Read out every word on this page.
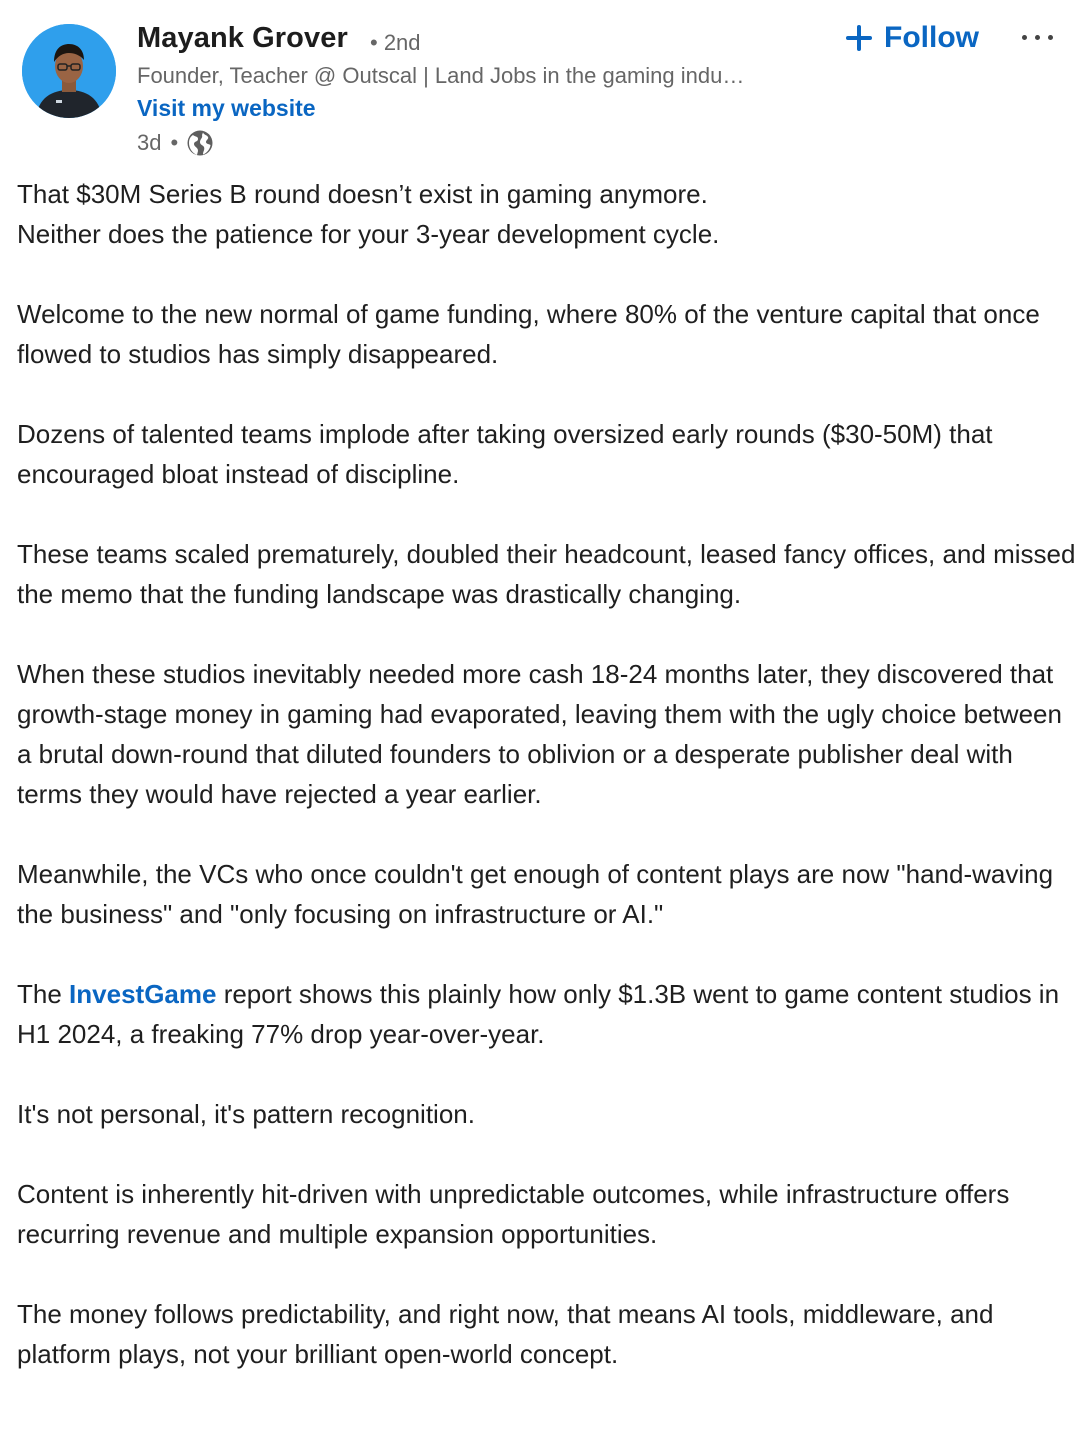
Mayank Grover • 2nd
Founder, Teacher @ Outscal | Land Jobs in the gaming indu…
Visit my website
3d •
Follow

That $30M Series B round doesn’t exist in gaming anymore.

Neither does the patience for your 3-year development cycle.

Welcome to the new normal of game funding, where 80% of the venture capital that once flowed to studios has simply disappeared.

Dozens of talented teams implode after taking oversized early rounds ($30-50M) that encouraged bloat instead of discipline.

These teams scaled prematurely, doubled their headcount, leased fancy offices, and missed the memo that the funding landscape was drastically changing.

When these studios inevitably needed more cash 18-24 months later, they discovered that growth-stage money in gaming had evaporated, leaving them with the ugly choice between a brutal down-round that diluted founders to oblivion or a desperate publisher deal with terms they would have rejected a year earlier.

Meanwhile, the VCs who once couldn't get enough of content plays are now "hand-waving the business" and "only focusing on infrastructure or AI."

The InvestGame report shows this plainly how only $1.3B went to game content studios in H1 2024, a freaking 77% drop year-over-year.

It's not personal, it's pattern recognition.

Content is inherently hit-driven with unpredictable outcomes, while infrastructure offers recurring revenue and multiple expansion opportunities.

The money follows predictability, and right now, that means AI tools, middleware, and platform plays, not your brilliant open-world concept.
